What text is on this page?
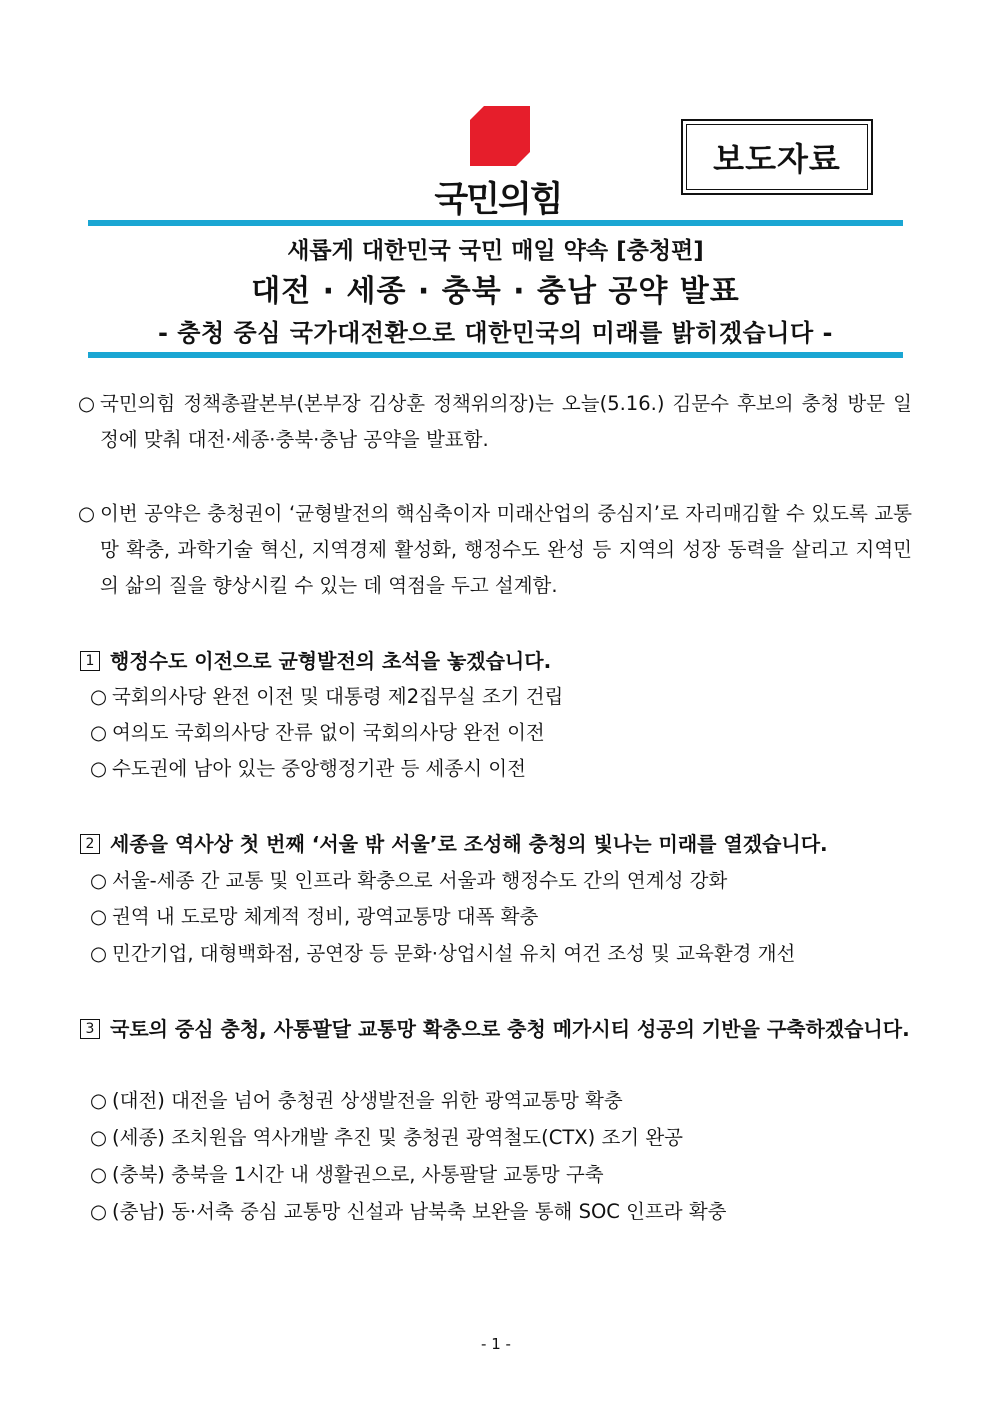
국민의힘
보도자료
새롭게 대한민국 국민 매일 약속 [충청편]
대전 · 세종 · 충북 · 충남 공약 발표
- 충청 중심 국가대전환으로 대한민국의 미래를 밝히겠습니다 -
○ 국민의힘 정책총괄본부(본부장 김상훈 정책위의장)는 오늘(5.16.) 김문수 후보의 충청 방문 일정에 맞춰 대전·세종·충북·충남 공약을 발표함.
○ 이번 공약은 충청권이 ‘균형발전의 핵심축이자 미래산업의 중심지’로 자리매김할 수 있도록 교통망 확충, 과학기술 혁신, 지역경제 활성화, 행정수도 완성 등 지역의 성장 동력을 살리고 지역민의 삶의 질을 향상시킬 수 있는 데 역점을 두고 설계함.
1 행정수도 이전으로 균형발전의 초석을 놓겠습니다.
○ 국회의사당 완전 이전 및 대통령 제2집무실 조기 건립
○ 여의도 국회의사당 잔류 없이 국회의사당 완전 이전
○ 수도권에 남아 있는 중앙행정기관 등 세종시 이전
2 세종을 역사상 첫 번째 ‘서울 밖 서울’로 조성해 충청의 빛나는 미래를 열겠습니다.
○ 서울-세종 간 교통 및 인프라 확충으로 서울과 행정수도 간의 연계성 강화
○ 권역 내 도로망 체계적 정비, 광역교통망 대폭 확충
○ 민간기업, 대형백화점, 공연장 등 문화·상업시설 유치 여건 조성 및 교육환경 개선
3 국토의 중심 충청, 사통팔달 교통망 확충으로 충청 메가시티 성공의 기반을 구축하겠습니다.
○ (대전) 대전을 넘어 충청권 상생발전을 위한 광역교통망 확충
○ (세종) 조치원읍 역사개발 추진 및 충청권 광역철도(CTX) 조기 완공
○ (충북) 충북을 1시간 내 생활권으로, 사통팔달 교통망 구축
○ (충남) 동·서축 중심 교통망 신설과 남북축 보완을 통해 SOC 인프라 확충
- 1 -
